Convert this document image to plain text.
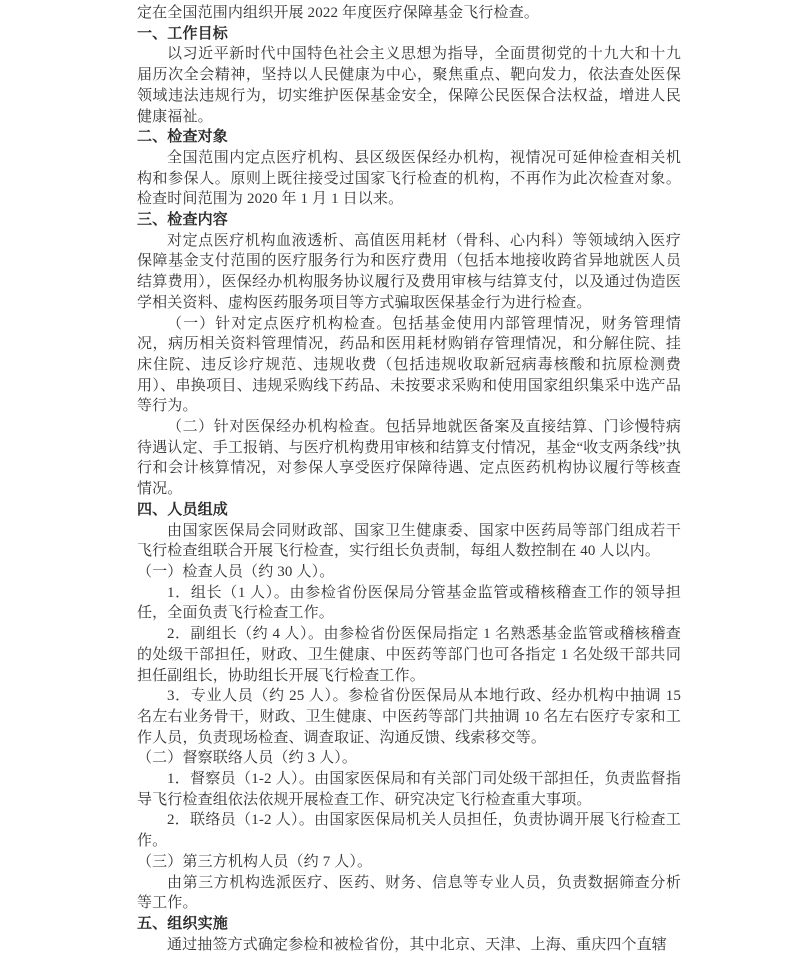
定在全国范围内组织开展 2022 年度医疗保障基金飞行检查。

一、工作目标

以习近平新时代中国特色社会主义思想为指导，全面贯彻党的十九大和十九届历次全会精神，坚持以人民健康为中心，聚焦重点、靶向发力，依法查处医保领域违法违规行为，切实维护医保基金安全，保障公民医保合法权益，增进人民健康福祉。

二、检查对象

全国范围内定点医疗机构、县区级医保经办机构，视情况可延伸检查相关机构和参保人。原则上既往接受过国家飞行检查的机构，不再作为此次检查对象。检查时间范围为 2020 年 1 月 1 日以来。

三、检查内容

对定点医疗机构血液透析、高值医用耗材（骨科、心内科）等领域纳入医疗保障基金支付范围的医疗服务行为和医疗费用（包括本地接收跨省异地就医人员结算费用），医保经办机构服务协议履行及费用审核与结算支付，以及通过伪造医学相关资料、虚构医药服务项目等方式骗取医保基金行为进行检查。

（一）针对定点医疗机构检查。包括基金使用内部管理情况，财务管理情况，病历相关资料管理情况，药品和医用耗材购销存管理情况，和分解住院、挂床住院、违反诊疗规范、违规收费（包括违规收取新冠病毒核酸和抗原检测费用）、串换项目、违规采购线下药品、未按要求采购和使用国家组织集采中选产品等行为。

（二）针对医保经办机构检查。包括异地就医备案及直接结算、门诊慢特病待遇认定、手工报销、与医疗机构费用审核和结算支付情况，基金“收支两条线”执行和会计核算情况，对参保人享受医疗保障待遇、定点医药机构协议履行等核查情况。

四、人员组成

由国家医保局会同财政部、国家卫生健康委、国家中医药局等部门组成若干飞行检查组联合开展飞行检查，实行组长负责制，每组人数控制在 40 人以内。

（一）检查人员（约 30 人）。

1．组长（1 人）。由参检省份医保局分管基金监管或稽核稽查工作的领导担任，全面负责飞行检查工作。

2．副组长（约 4 人）。由参检省份医保局指定 1 名熟悉基金监管或稽核稽查的处级干部担任，财政、卫生健康、中医药等部门也可各指定 1 名处级干部共同担任副组长，协助组长开展飞行检查工作。

3．专业人员（约 25 人）。参检省份医保局从本地行政、经办机构中抽调 15 名左右业务骨干，财政、卫生健康、中医药等部门共抽调 10 名左右医疗专家和工作人员，负责现场检查、调查取证、沟通反馈、线索移交等。

（二）督察联络人员（约 3 人）。

1．督察员（1-2 人）。由国家医保局和有关部门司处级干部担任，负责监督指导飞行检查组依法依规开展检查工作、研究决定飞行检查重大事项。

2．联络员（1-2 人）。由国家医保局机关人员担任，负责协调开展飞行检查工作。

（三）第三方机构人员（约 7 人）。

由第三方机构选派医疗、医药、财务、信息等专业人员，负责数据筛查分析等工作。

五、组织实施

通过抽签方式确定参检和被检省份，其中北京、天津、上海、重庆四个直辖
